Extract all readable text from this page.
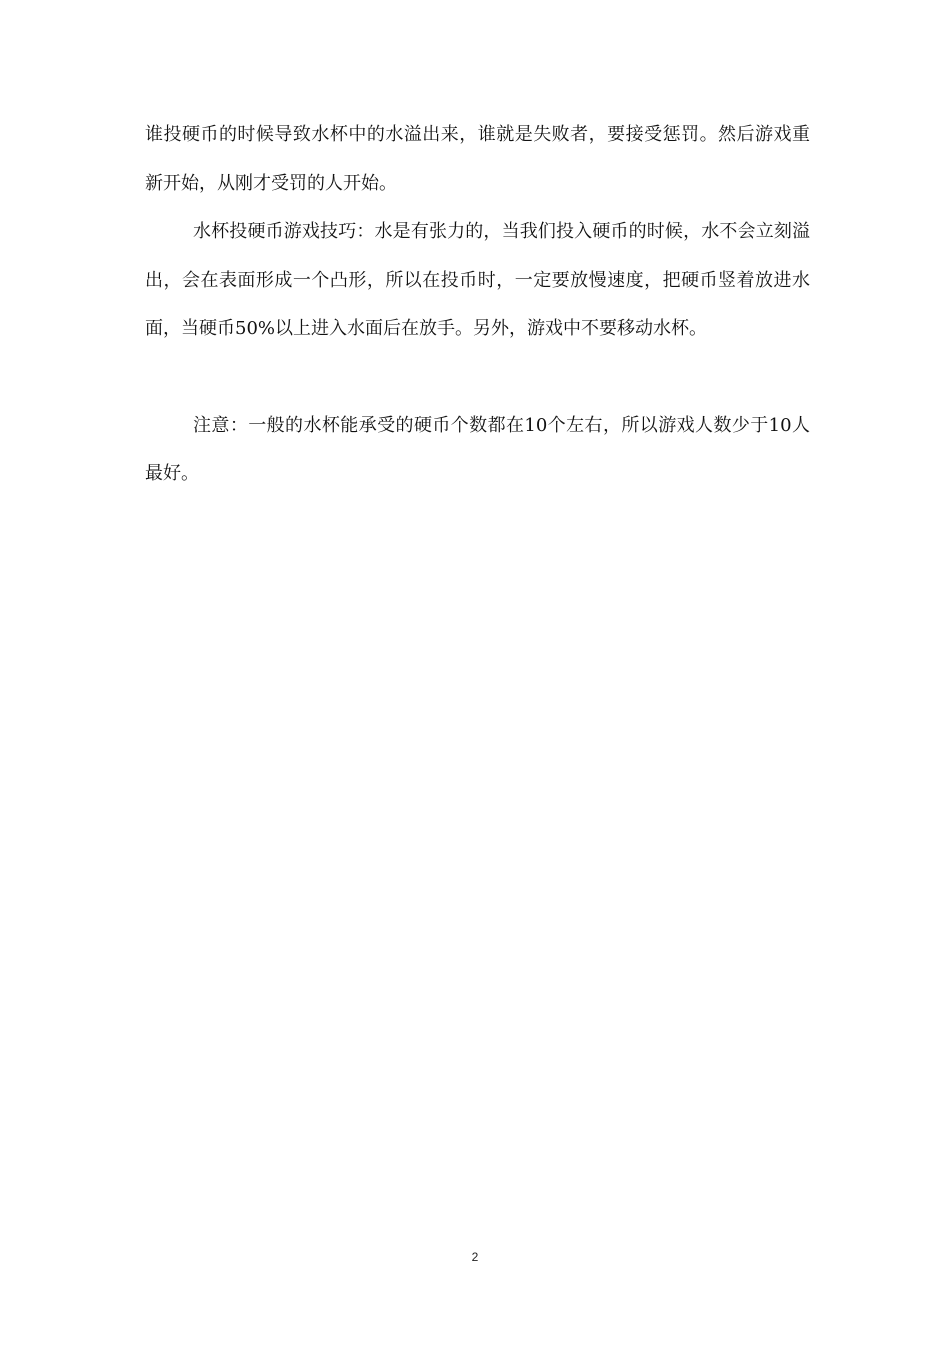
谁投硬币的时候导致水杯中的水溢出来，谁就是失败者，要接受惩罚。然后游戏重新开始，从刚才受罚的人开始。

水杯投硬币游戏技巧：水是有张力的，当我们投入硬币的时候，水不会立刻溢出，会在表面形成一个凸形，所以在投币时，一定要放慢速度，把硬币竖着放进水面，当硬币50%以上进入水面后在放手。另外，游戏中不要移动水杯。

注意：一般的水杯能承受的硬币个数都在10个左右，所以游戏人数少于10人最好。

2
